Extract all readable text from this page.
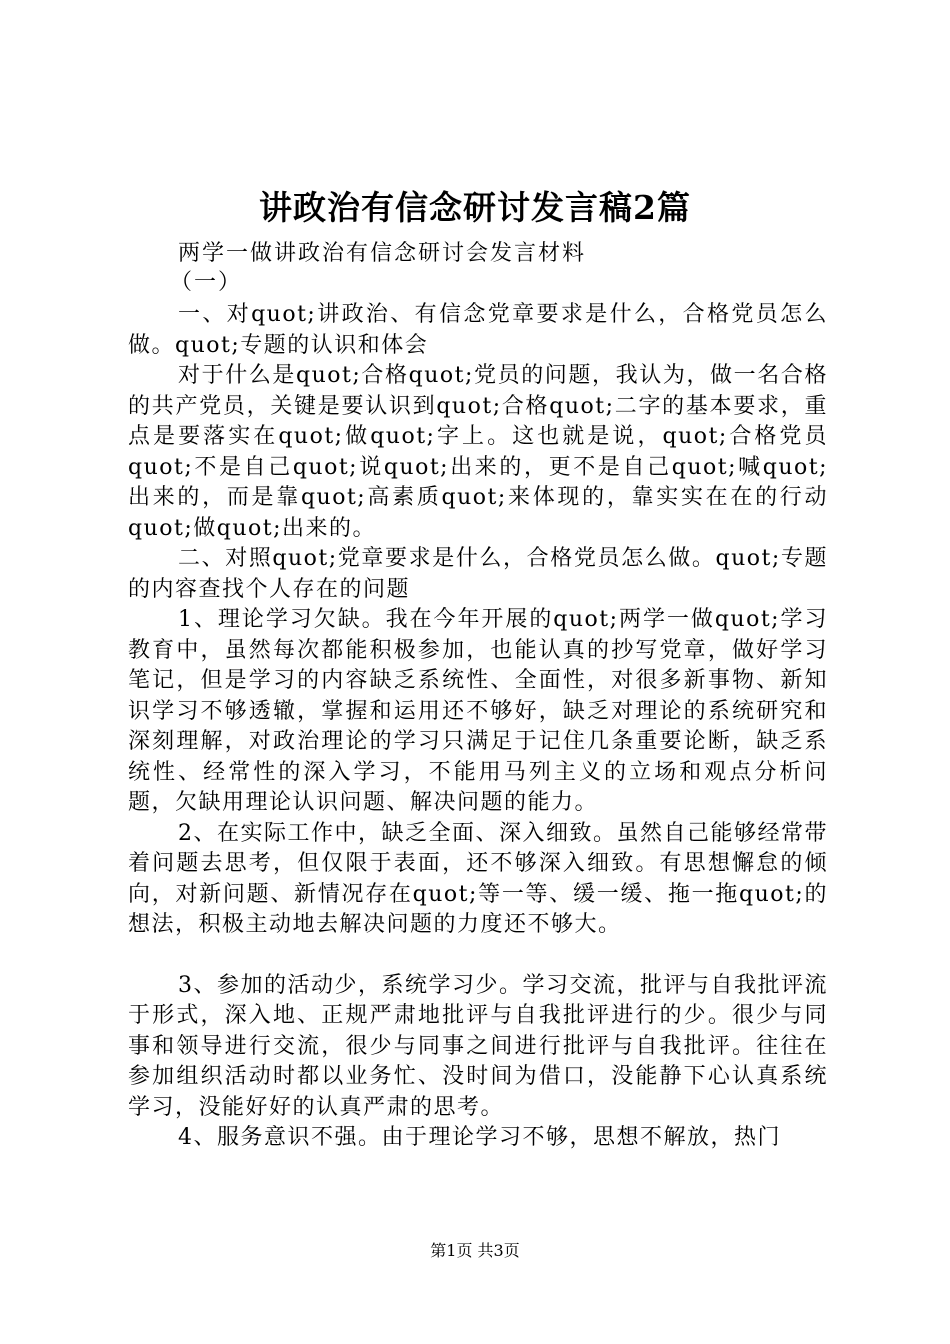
讲政治有信念研讨发言稿2篇
两学一做讲政治有信念研讨会发言材料
（一）

一、对quot;讲政治、有信念党章要求是什么，合格党员怎么做。quot;专题的认识和体会

对于什么是quot;合格quot;党员的问题，我认为，做一名合格的共产党员，关键是要认识到quot;合格quot;二字的基本要求，重点是要落实在quot;做quot;字上。这也就是说，quot;合格党员quot;不是自己quot;说quot;出来的，更不是自己quot;喊quot;出来的，而是靠quot;高素质quot;来体现的，靠实实在在的行动quot;做quot;出来的。

二、对照quot;党章要求是什么，合格党员怎么做。quot;专题的内容查找个人存在的问题

1、理论学习欠缺。我在今年开展的quot;两学一做quot;学习教育中，虽然每次都能积极参加，也能认真的抄写党章，做好学习笔记，但是学习的内容缺乏系统性、全面性，对很多新事物、新知识学习不够透辙，掌握和运用还不够好，缺乏对理论的系统研究和深刻理解，对政治理论的学习只满足于记住几条重要论断，缺乏系统性、经常性的深入学习，不能用马列主义的立场和观点分析问题，欠缺用理论认识问题、解决问题的能力。

2、在实际工作中，缺乏全面、深入细致。虽然自己能够经常带着问题去思考，但仅限于表面，还不够深入细致。有思想懈怠的倾向，对新问题、新情况存在quot;等一等、缓一缓、拖一拖quot;的想法，积极主动地去解决问题的力度还不够大。

3、参加的活动少，系统学习少。学习交流，批评与自我批评流于形式，深入地、正规严肃地批评与自我批评进行的少。很少与同事和领导进行交流，很少与同事之间进行批评与自我批评。往往在参加组织活动时都以业务忙、没时间为借口，没能静下心认真系统学习，没能好好的认真严肃的思考。

4、服务意识不强。由于理论学习不够，思想不解放，热门

第1页 共3页
